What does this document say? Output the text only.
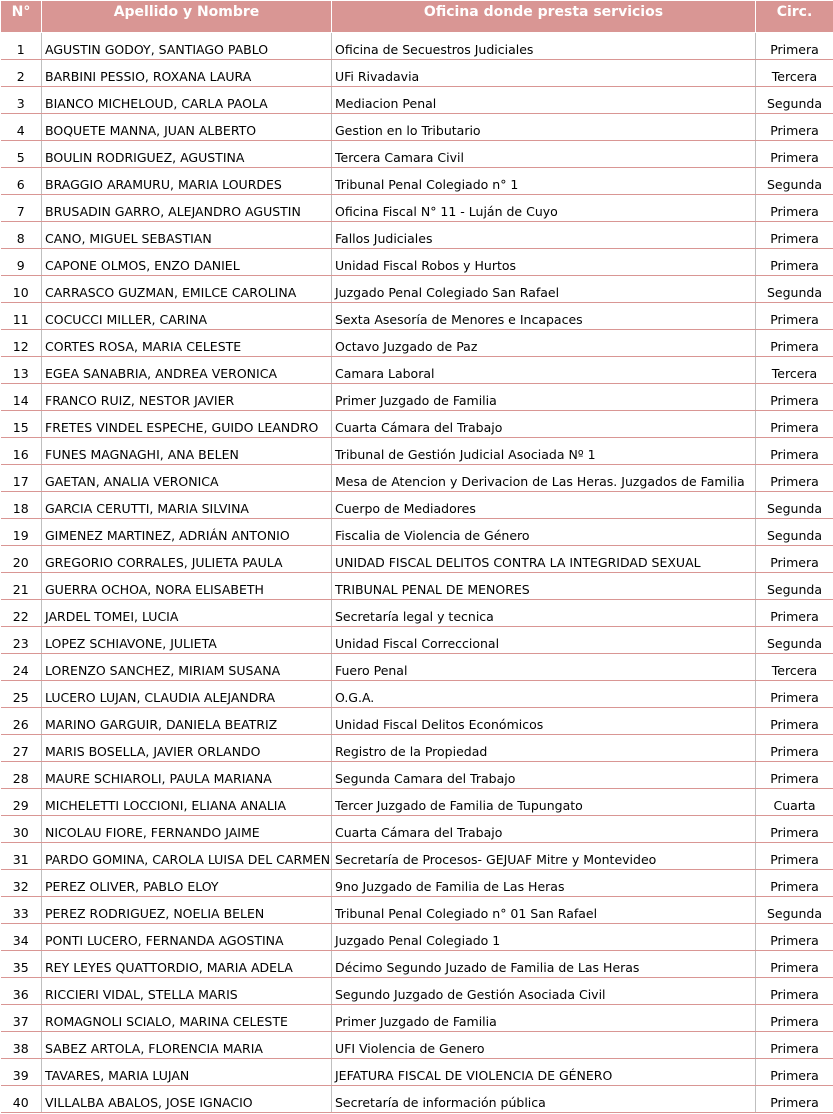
N°	Apellido y Nombre	Oficina donde presta servicios	Circ.
1	AGUSTIN GODOY, SANTIAGO PABLO	Oficina de Secuestros Judiciales	Primera
2	BARBINI PESSIO, ROXANA LAURA	UFi Rivadavia	Tercera
3	BIANCO MICHELOUD, CARLA PAOLA	Mediacion Penal	Segunda
4	BOQUETE MANNA, JUAN ALBERTO	Gestion en lo Tributario	Primera
5	BOULIN RODRIGUEZ, AGUSTINA	Tercera Camara Civil	Primera
6	BRAGGIO ARAMURU, MARIA LOURDES	Tribunal Penal Colegiado n° 1	Segunda
7	BRUSADIN GARRO, ALEJANDRO AGUSTIN	Oficina Fiscal N° 11 - Luján de Cuyo	Primera
8	CANO, MIGUEL SEBASTIAN	Fallos Judiciales	Primera
9	CAPONE OLMOS, ENZO DANIEL	Unidad Fiscal Robos y Hurtos	Primera
10	CARRASCO GUZMAN, EMILCE CAROLINA	Juzgado Penal Colegiado San Rafael	Segunda
11	COCUCCI MILLER, CARINA	Sexta Asesoría de Menores e Incapaces	Primera
12	CORTES ROSA, MARIA CELESTE	Octavo Juzgado de Paz	Primera
13	EGEA SANABRIA, ANDREA VERONICA	Camara Laboral	Tercera
14	FRANCO RUIZ, NESTOR JAVIER	Primer Juzgado de Familia	Primera
15	FRETES VINDEL ESPECHE, GUIDO LEANDRO	Cuarta Cámara del Trabajo	Primera
16	FUNES MAGNAGHI, ANA BELEN	Tribunal de Gestión Judicial Asociada Nº 1	Primera
17	GAETAN, ANALIA VERONICA	Mesa de Atencion y Derivacion de Las Heras. Juzgados de Familia	Primera
18	GARCIA CERUTTI, MARIA SILVINA	Cuerpo de Mediadores	Segunda
19	GIMENEZ MARTINEZ, ADRIÁN ANTONIO	Fiscalia de Violencia de Género	Segunda
20	GREGORIO CORRALES, JULIETA PAULA	UNIDAD FISCAL DELITOS CONTRA LA INTEGRIDAD SEXUAL	Primera
21	GUERRA OCHOA, NORA ELISABETH	TRIBUNAL PENAL DE MENORES	Segunda
22	JARDEL TOMEI, LUCIA	Secretaría legal y tecnica	Primera
23	LOPEZ SCHIAVONE, JULIETA	Unidad Fiscal Correccional	Segunda
24	LORENZO SANCHEZ, MIRIAM SUSANA	Fuero Penal	Tercera
25	LUCERO LUJAN, CLAUDIA ALEJANDRA	O.G.A.	Primera
26	MARINO GARGUIR, DANIELA BEATRIZ	Unidad Fiscal Delitos Económicos	Primera
27	MARIS BOSELLA, JAVIER ORLANDO	Registro de la Propiedad	Primera
28	MAURE SCHIAROLI, PAULA MARIANA	Segunda Camara del Trabajo	Primera
29	MICHELETTI LOCCIONI, ELIANA ANALIA	Tercer Juzgado de Familia de Tupungato	Cuarta
30	NICOLAU FIORE, FERNANDO JAIME	Cuarta Cámara del Trabajo	Primera
31	PARDO GOMINA, CAROLA LUISA DEL CARMEN	Secretaría de Procesos- GEJUAF Mitre y Montevideo	Primera
32	PEREZ OLIVER, PABLO ELOY	9no Juzgado de Familia de Las Heras	Primera
33	PEREZ RODRIGUEZ, NOELIA BELEN	Tribunal Penal Colegiado n° 01 San Rafael	Segunda
34	PONTI LUCERO, FERNANDA AGOSTINA	Juzgado Penal Colegiado 1	Primera
35	REY LEYES QUATTORDIO, MARIA ADELA	Décimo Segundo Juzado de Familia de Las Heras	Primera
36	RICCIERI VIDAL, STELLA MARIS	Segundo Juzgado de Gestión Asociada Civil	Primera
37	ROMAGNOLI SCIALO, MARINA CELESTE	Primer Juzgado de Familia	Primera
38	SABEZ ARTOLA, FLORENCIA MARIA	UFI Violencia de Genero	Primera
39	TAVARES, MARIA LUJAN	JEFATURA FISCAL DE VIOLENCIA DE GÉNERO	Primera
40	VILLALBA ABALOS, JOSE IGNACIO	Secretaría de información pública	Primera
